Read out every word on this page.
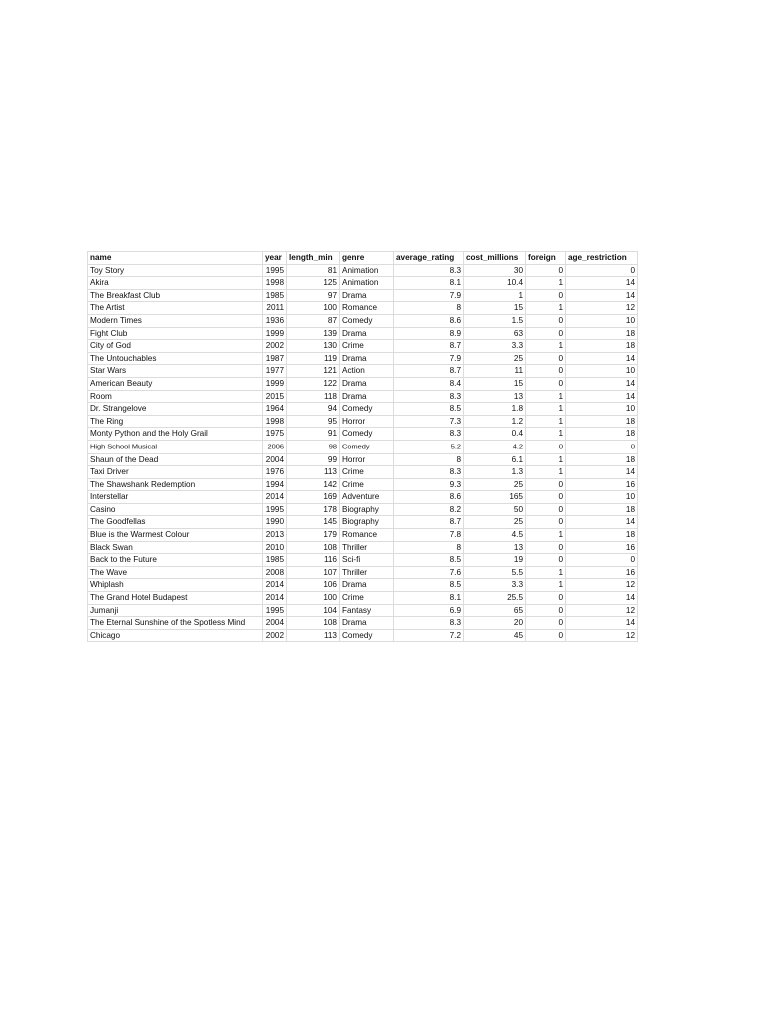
name	year	length_min	genre	average_rating	cost_millions	foreign	age_restriction
Toy Story	1995	81	Animation	8.3	30	0	0
Akira	1998	125	Animation	8.1	10.4	1	14
The Breakfast Club	1985	97	Drama	7.9	1	0	14
The Artist	2011	100	Romance	8	15	1	12
Modern Times	1936	87	Comedy	8.6	1.5	0	10
Fight Club	1999	139	Drama	8.9	63	0	18
City of God	2002	130	Crime	8.7	3.3	1	18
The Untouchables	1987	119	Drama	7.9	25	0	14
Star Wars	1977	121	Action	8.7	11	0	10
American Beauty	1999	122	Drama	8.4	15	0	14
Room	2015	118	Drama	8.3	13	1	14
Dr. Strangelove	1964	94	Comedy	8.5	1.8	1	10
The Ring	1998	95	Horror	7.3	1.2	1	18
Monty Python and the Holy Grail	1975	91	Comedy	8.3	0.4	1	18
High School Musical	2006	98	Comedy	5.2	4.2	0	0
Shaun of the Dead	2004	99	Horror	8	6.1	1	18
Taxi Driver	1976	113	Crime	8.3	1.3	1	14
The Shawshank Redemption	1994	142	Crime	9.3	25	0	16
Interstellar	2014	169	Adventure	8.6	165	0	10
Casino	1995	178	Biography	8.2	50	0	18
The Goodfellas	1990	145	Biography	8.7	25	0	14
Blue is the Warmest Colour	2013	179	Romance	7.8	4.5	1	18
Black Swan	2010	108	Thriller	8	13	0	16
Back to the Future	1985	116	Sci-fi	8.5	19	0	0
The Wave	2008	107	Thriller	7.6	5.5	1	16
Whiplash	2014	106	Drama	8.5	3.3	1	12
The Grand Hotel Budapest	2014	100	Crime	8.1	25.5	0	14
Jumanji	1995	104	Fantasy	6.9	65	0	12
The Eternal Sunshine of the Spotless Mind	2004	108	Drama	8.3	20	0	14
Chicago	2002	113	Comedy	7.2	45	0	12
